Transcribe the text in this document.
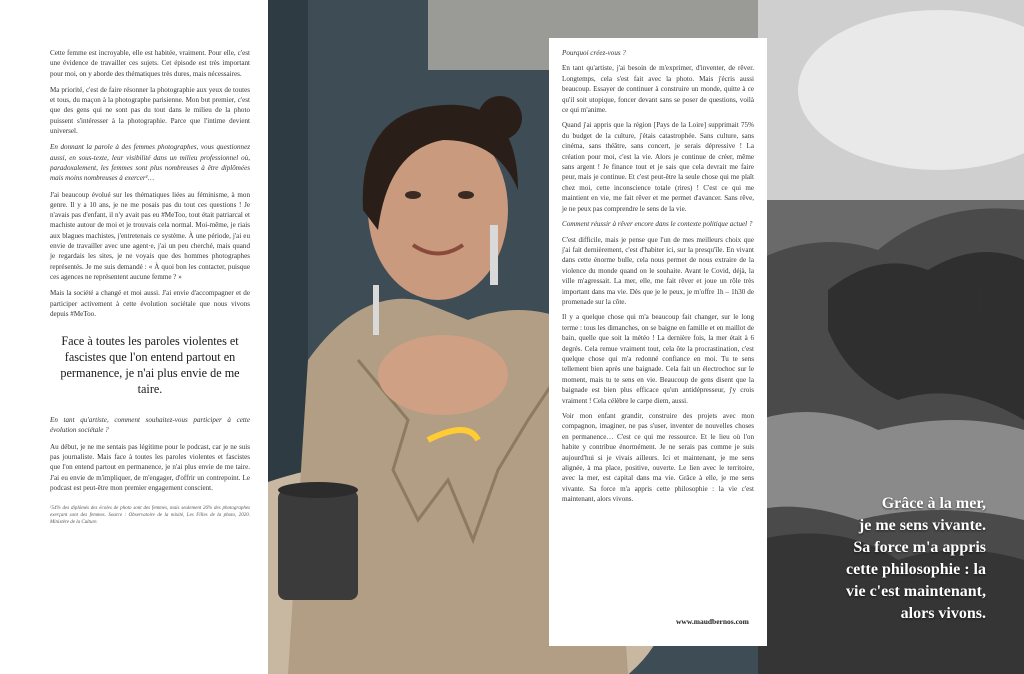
Cette femme est incroyable, elle est habitée, vraiment. Pour elle, c'est une évidence de travailler ces sujets. Cet épisode est très important pour moi, on y aborde des thématiques très dures, mais nécessaires.

Ma priorité, c'est de faire résonner la photographie aux yeux de toutes et tous, du maçon à la photographe parisienne. Mon but premier, c'est que des gens qui ne sont pas du tout dans le milieu de la photo puissent s'intéresser à la photographie. Parce que l'intime devient universel.

En donnant la parole à des femmes photographes, vous questionnez aussi, en sous-texte, leur visibilité dans un milieu professionnel où, paradoxalement, les femmes sont plus nombreuses à être diplômées mais moins nombreuses à exercer¹…

J'ai beaucoup évolué sur les thématiques liées au féminisme, à mon genre. Il y a 10 ans, je ne me posais pas du tout ces questions ! Je n'avais pas d'enfant, il n'y avait pas eu #MeToo, tout était patriarcal et machiste autour de moi et je trouvais cela normal. Moi-même, je riais aux blagues machistes, j'entretenais ce système. À une période, j'ai eu envie de travailler avec une agent·e, j'ai un peu cherché, mais quand je regardais les sites, je ne voyais que des hommes photographes représentés. Je me suis demandé : « À quoi bon les contacter, puisque ces agences ne représentent aucune femme ? »

Mais la société a changé et moi aussi. J'ai envie d'accompagner et de participer activement à cette évolution sociétale que nous vivons depuis #MeToo.

Face à toutes les paroles violentes et fascistes que l'on entend partout en permanence, je n'ai plus envie de me taire.

En tant qu'artiste, comment souhaitez-vous participer à cette évolution sociétale ?

Au début, je ne me sentais pas légitime pour le podcast, car je ne suis pas journaliste. Mais face à toutes les paroles violentes et fascistes que l'on entend partout en permanence, je n'ai plus envie de me taire. J'ai eu envie de m'impliquer, de m'engager, d'offrir un contrepoint. Le podcast est peut-être mon premier engagement conscient.

¹54% des diplômés des écoles de photo sont des femmes, mais seulement 26% des photographes exerçant sont des femmes. Source : Observatoire de la mixité, Les Filles de la photo, 2020. Ministère de la Culture.

Pourquoi créez-vous ?

En tant qu'artiste, j'ai besoin de m'exprimer, d'inventer, de rêver. Longtemps, cela s'est fait avec la photo. Mais j'écris aussi beaucoup. Essayer de continuer à construire un monde, quitte à ce qu'il soit utopique, foncer devant sans se poser de questions, voilà ce qui m'anime.

Quand j'ai appris que la région [Pays de la Loire] supprimait 75% du budget de la culture, j'étais catastrophée. Sans culture, sans cinéma, sans théâtre, sans concert, je serais dépressive ! La création pour moi, c'est la vie. Alors je continue de créer, même sans argent ! Je finance tout et je sais que cela devrait me faire peur, mais je continue. Et c'est peut-être la seule chose qui me plaît chez moi, cette inconscience totale (rires) ! C'est ce qui me maintient en vie, me fait rêver et me permet d'avancer. Sans rêve, je ne peux pas comprendre le sens de la vie.

Comment réussir à rêver encore dans le contexte politique actuel ?

C'est difficile, mais je pense que l'un de mes meilleurs choix que j'ai fait dernièrement, c'est d'habiter ici, sur la presqu'île. En vivant dans cette énorme bulle, cela nous permet de nous extraire de la violence du monde quand on le souhaite. Avant le Covid, déjà, la ville m'agressait. La mer, elle, me fait rêver et joue un rôle très important dans ma vie. Dès que je le peux, je m'offre 1h – 1h30 de promenade sur la côte.

Il y a quelque chose qui m'a beaucoup fait changer, sur le long terme : tous les dimanches, on se baigne en famille et en maillot de bain, quelle que soit la météo ! La dernière fois, la mer était à 6 degrés. Cela remue vraiment tout, cela ôte la procrastination, c'est quelque chose qui m'a redonné confiance en moi. Tu te sens tellement bien après une baignade. Cela fait un électrochoc sur le moment, mais tu te sens en vie. Beaucoup de gens disent que la baignade est bien plus efficace qu'un antidépresseur, j'y crois vraiment ! Cela célèbre le carpe diem, aussi.

Voir mon enfant grandir, construire des projets avec mon compagnon, imaginer, ne pas s'user, inventer de nouvelles choses en permanence… C'est ce qui me ressource. Et le lieu où l'on habite y contribue énormément. Je ne serais pas comme je suis aujourd'hui si je vivais ailleurs. Ici et maintenant, je me sens alignée, à ma place, positive, ouverte. Le lien avec le territoire, avec la mer, est capital dans ma vie. Grâce à elle, je me sens vivante. Sa force m'a appris cette philosophie : la vie c'est maintenant, alors vivons.

www.maudbernos.com
Grâce à la mer,
je me sens vivante.
Sa force m'a appris
cette philosophie : la
vie c'est maintenant,
alors vivons.
Culturelles | 85
